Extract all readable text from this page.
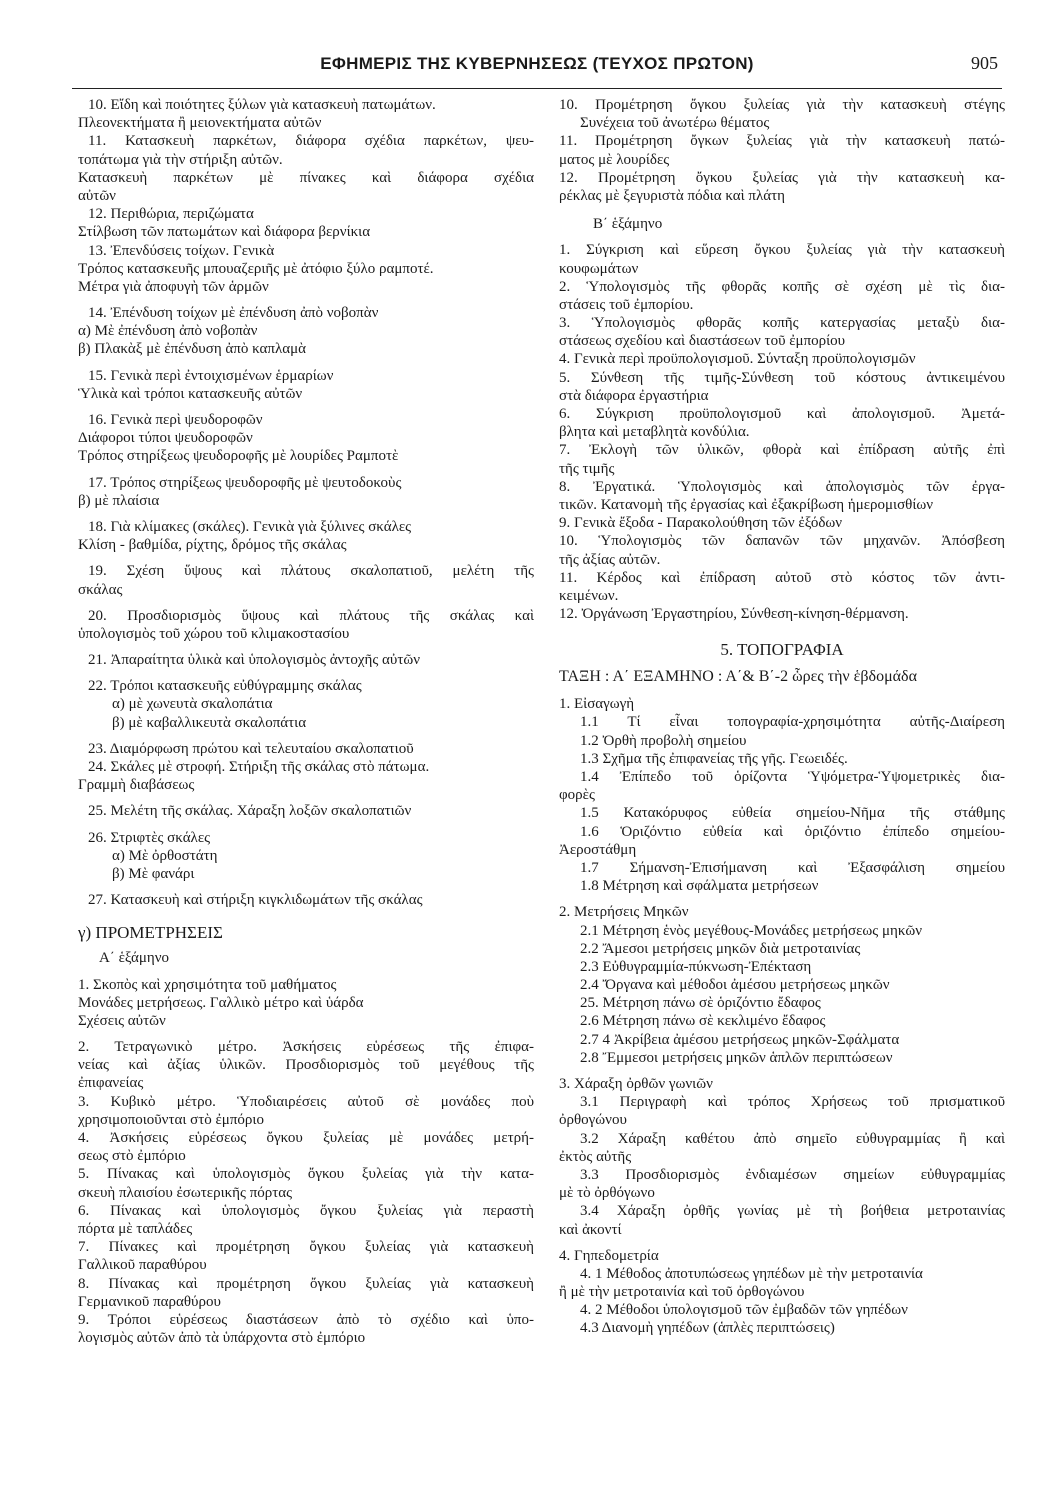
ΕΦΗΜΕΡΙΣ ΤΗΣ ΚΥΒΕΡΝΗΣΕΩΣ (ΤΕΥΧΟΣ ΠΡΩΤΟΝ)	905
10. Εἴδη καὶ ποιότητες ξύλων γιὰ κατασκευὴ πατωμάτων.
Πλεονεκτήματα ἢ μειονεκτήματα αὐτῶν
11. Κατασκευὴ παρκέτων, διάφορα σχέδια παρκέτων, ψευ-
τοπάτωμα γιὰ τὴν στήριξη αὐτῶν.
Κατασκευὴ παρκέτων μὲ πίνακες καὶ διάφορα σχέδια
αὐτῶν
12. Περιθώρια, περιζώματα
Στίλβωση τῶν πατωμάτων καὶ διάφορα βερνίκια
13. Ἐπενδύσεις τοίχων. Γενικὰ
Τρόπος κατασκευῆς μπουαζεριῆς μὲ ἀτόφιο ξύλο ραμποτέ.
Μέτρα γιὰ ἀποφυγὴ τῶν ἁρμῶν
14. Ἐπένδυση τοίχων μὲ ἐπένδυση ἀπὸ νοβοπὰν
α) Μὲ ἐπένδυση ἀπὸ νοβοπὰν
β) Πλακὰξ μὲ ἐπένδυση ἀπὸ καπλαμὰ
15. Γενικὰ περὶ ἐντοιχισμένων ἑρμαρίων
Ὑλικὰ καὶ τρόποι κατασκευῆς αὐτῶν
16. Γενικὰ περὶ ψευδοροφῶν
Διάφοροι τύποι ψευδοροφῶν
Τρόπος στηρίξεως ψευδοροφῆς μὲ λουρίδες Ραμποτὲ
17. Τρόπος στηρίξεως ψευδοροφῆς μὲ ψευτοδοκοὺς
β) μὲ πλαίσια
18. Γιὰ κλίμακες (σκάλες). Γενικὰ γιὰ ξύλινες σκάλες
Κλίση - βαθμίδα, ρίχτης, δρόμος τῆς σκάλας
19. Σχέση ὕψους καὶ πλάτους σκαλοπατιοῦ, μελέτη τῆς
σκάλας
20. Προσδιορισμὸς ὕψους καὶ πλάτους τῆς σκάλας καὶ
ὑπολογισμὸς τοῦ χώρου τοῦ κλιμακοστασίου
21. Ἀπαραίτητα ὑλικὰ καὶ ὑπολογισμὸς ἀντοχῆς αὐτῶν
22. Τρόποι κατασκευῆς εὐθύγραμμης σκάλας
α) μὲ χωνευτὰ σκαλοπάτια
β) μὲ καβαλλικευτὰ σκαλοπάτια
23. Διαμόρφωση πρώτου καὶ τελευταίου σκαλοπατιοῦ
24. Σκάλες μὲ στροφή. Στήριξη τῆς σκάλας στὸ πάτωμα.
Γραμμὴ διαβάσεως
25. Μελέτη τῆς σκάλας. Χάραξη λοξῶν σκαλοπατιῶν
26. Στριφτὲς σκάλες
α) Μὲ ὀρθοστάτη
β) Μὲ φανάρι
27. Κατασκευὴ καὶ στήριξη κιγκλιδωμάτων τῆς σκάλας
γ) ΠΡΟΜΕΤΡΗΣΕΙΣ
Α΄ ἑξάμηνο
1. Σκοπὸς καὶ χρησιμότητα τοῦ μαθήματος
Μονάδες μετρήσεως. Γαλλικὸ μέτρο καὶ ὑάρδα
Σχέσεις αὐτῶν
2. Τετραγωνικὸ μέτρο. Ἀσκήσεις εὑρέσεως τῆς ἐπιφα-
νείας καὶ ἀξίας ὑλικῶν. Προσδιορισμὸς τοῦ μεγέθους τῆς
ἐπιφανείας
3. Κυβικὸ μέτρο. Ὑποδιαιρέσεις αὐτοῦ σὲ μονάδες ποὺ
χρησιμοποιοῦνται στὸ ἐμπόριο
4. Ἀσκήσεις εὑρέσεως ὄγκου ξυλείας μὲ μονάδες μετρή-
σεως στὸ ἐμπόριο
5. Πίνακας καὶ ὑπολογισμὸς ὄγκου ξυλείας γιὰ τὴν κατα-
σκευὴ πλαισίου ἐσωτερικῆς πόρτας
6. Πίνακας καὶ ὑπολογισμὸς ὄγκου ξυλείας γιὰ περαστὴ
πόρτα μὲ ταπλάδες
7. Πίνακες καὶ προμέτρηση ὄγκου ξυλείας γιὰ κατασκευὴ
Γαλλικοῦ παραθύρου
8. Πίνακας καὶ προμέτρηση ὄγκου ξυλείας γιὰ κατασκευὴ
Γερμανικοῦ παραθύρου
9. Τρόποι εὑρέσεως διαστάσεων ἀπὸ τὸ σχέδιο καὶ ὑπο-
λογισμὸς αὐτῶν ἀπὸ τὰ ὑπάρχοντα στὸ ἐμπόριο
10. Προμέτρηση ὄγκου ξυλείας γιὰ τὴν κατασκευὴ στέγης
Συνέχεια τοῦ ἀνωτέρω θέματος
11. Προμέτρηση ὄγκων ξυλείας γιὰ τὴν κατασκευὴ πατώ-
ματος μὲ λουρίδες
12. Προμέτρηση ὄγκου ξυλείας γιὰ τὴν κατασκευὴ κα-
ρέκλας μὲ ξεγυριστὰ πόδια καὶ πλάτη
Β΄ ἑξάμηνο
1. Σύγκριση καὶ εὕρεση ὄγκου ξυλείας γιὰ τὴν κατασκευὴ
κουφωμάτων
2. Ὑπολογισμὸς τῆς φθορᾶς κοπῆς σὲ σχέση μὲ τὶς δια-
στάσεις τοῦ ἐμπορίου.
3. Ὑπολογισμὸς φθορᾶς κοπῆς κατεργασίας μεταξὺ δια-
στάσεως σχεδίου καὶ διαστάσεων τοῦ ἐμπορίου
4. Γενικὰ περὶ προϋπολογισμοῦ. Σύνταξη προϋπολογισμῶν
5. Σύνθεση τῆς τιμῆς-Σύνθεση τοῦ κόστους ἀντικειμένου
στὰ διάφορα ἐργαστήρια
6. Σύγκριση προϋπολογισμοῦ καὶ ἀπολογισμοῦ. Ἀμετά-
βλητα καὶ μεταβλητὰ κονδύλια.
7. Ἐκλογὴ τῶν ὑλικῶν, φθορὰ καὶ ἐπίδραση αὐτῆς ἐπὶ
τῆς τιμῆς
8. Ἐργατικά. Ὑπολογισμὸς καὶ ἀπολογισμὸς τῶν ἐργα-
τικῶν. Κατανομὴ τῆς ἐργασίας καὶ ἐξακρίβωση ἡμερομισθίων
9. Γενικὰ ἔξοδα - Παρακολούθηση τῶν ἐξόδων
10. Ὑπολογισμὸς τῶν δαπανῶν τῶν μηχανῶν. Ἀπόσβεση
τῆς ἀξίας αὐτῶν.
11. Κέρδος καὶ ἐπίδραση αὐτοῦ στὸ κόστος τῶν ἀντι-
κειμένων.
12. Ὀργάνωση Ἐργαστηρίου, Σύνθεση-κίνηση-θέρμανση.
5. ΤΟΠΟΓΡΑΦΙΑ
ΤΑΞΗ : Α΄ ΕΞΑΜΗΝΟ : Α΄& Β΄-2 ὧρες τὴν ἑβδομάδα
1. Εἰσαγωγὴ
1.1 Τί εἶναι τοπογραφία-χρησιμότητα αὐτῆς-Διαίρεση
1.2 Ὀρθὴ προβολὴ σημείου
1.3 Σχῆμα τῆς ἐπιφανείας τῆς γῆς. Γεωειδές.
1.4 Ἐπίπεδο τοῦ ὁρίζοντα Ὑψόμετρα-Ὑψομετρικὲς δια-
φορὲς
1.5 Κατακόρυφος εὐθεία σημείου-Νῆμα τῆς στάθμης
1.6 Ὁριζόντιο εὐθεία καὶ ὁριζόντιο ἐπίπεδο σημείου-
Ἀεροστάθμη
1.7 Σήμανση-Ἐπισήμανση καὶ Ἐξασφάλιση σημείου
1.8 Μέτρηση καὶ σφάλματα μετρήσεων
2. Μετρήσεις Μηκῶν
2.1 Μέτρηση ἑνὸς μεγέθους-Μονάδες μετρήσεως μηκῶν
2.2 Ἄμεσοι μετρήσεις μηκῶν διὰ μετροταινίας
2.3 Εὐθυγραμμία-πύκνωση-Ἐπέκταση
2.4 Ὄργανα καὶ μέθοδοι ἀμέσου μετρήσεως μηκῶν
25. Μέτρηση πάνω σὲ ὁριζόντιο ἔδαφος
2.6 Μέτρηση πάνω σὲ κεκλιμένο ἔδαφος
2.7 4 Ἀκρίβεια ἀμέσου μετρήσεως μηκῶν-Σφάλματα
2.8 Ἔμμεσοι μετρήσεις μηκῶν ἁπλῶν περιπτώσεων
3. Χάραξη ὀρθῶν γωνιῶν
3.1 Περιγραφὴ καὶ τρόπος Χρήσεως τοῦ πρισματικοῦ
ὀρθογώνου
3.2 Χάραξη καθέτου ἀπὸ σημεῖο εὐθυγραμμίας ἢ καὶ
ἐκτὸς αὐτῆς
3.3 Προσδιορισμὸς ἐνδιαμέσων σημείων εὐθυγραμμίας
μὲ τὸ ὀρθόγωνο
3.4 Χάραξη ὀρθῆς γωνίας μὲ τὴ βοήθεια μετροταινίας
καὶ ἀκοντί
4. Γηπεδομετρία
4. 1 Μέθοδος ἀποτυπώσεως γηπέδων μὲ τὴν μετροταινία
ἢ μὲ τὴν μετροταινία καὶ τοῦ ὀρθογώνου
4. 2 Μέθοδοι ὑπολογισμοῦ τῶν ἐμβαδῶν τῶν γηπέδων
4.3 Διανομὴ γηπέδων (ἁπλὲς περιπτώσεις)
